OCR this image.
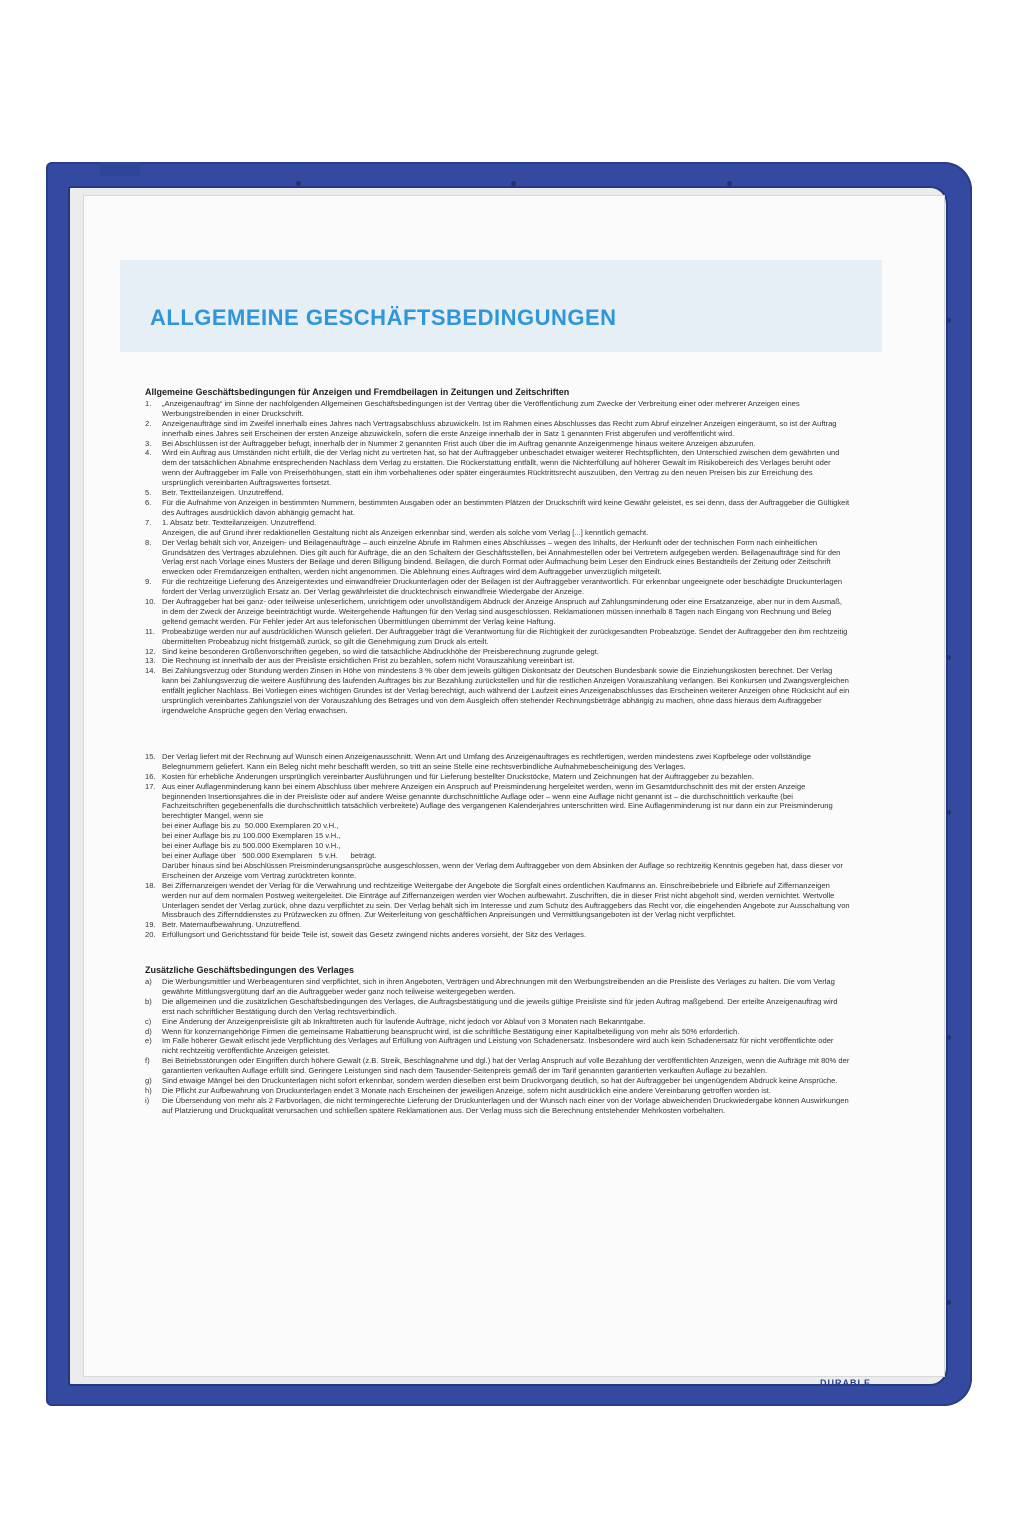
DURABLE
ALLGEMEINE GESCHÄFTSBEDINGUNGEN
Allgemeine Geschäftsbedingungen für Anzeigen und Fremdbeilagen in Zeitungen und Zeitschriften
1.	„Anzeigenauftrag“ im Sinne der nachfolgenden Allgemeinen Geschäftsbedingungen ist der Vertrag über die Veröffentlichung zum Zwecke der Verbreitung einer oder mehrerer Anzeigen eines Werbungstreibenden in einer Druckschrift.
2.	Anzeigenaufträge sind im Zweifel innerhalb eines Jahres nach Vertragsabschluss abzuwickeln. Ist im Rahmen eines Abschlusses das Recht zum Abruf einzelner Anzeigen eingeräumt, so ist der Auftrag innerhalb eines Jahres seit Erscheinen der ersten Anzeige abzuwickeln, sofern die erste Anzeige innerhalb der in Satz 1 genannten Frist abgerufen und veröffentlicht wird.
3.	Bei Abschlüssen ist der Auftraggeber befugt, innerhalb der in Nummer 2 genannten Frist auch über die im Auftrag genannte Anzeigenmenge hinaus weitere Anzeigen abzurufen.
4.	Wird ein Auftrag aus Umständen nicht erfüllt, die der Verlag nicht zu vertreten hat, so hat der Auftraggeber unbeschadet etwaiger weiterer Rechtspflichten, den Unterschied zwischen dem gewährten und dem der tatsächlichen Abnahme entsprechenden Nachlass dem Verlag zu erstatten. Die Rückerstattung entfällt, wenn die Nichterfüllung auf höherer Gewalt im Risikobereich des Verlages beruht oder wenn der Auftraggeber im Falle von Preiserhöhungen, statt ein ihm vorbehaltenes oder später eingeräumtes Rücktrittsrecht auszuüben, den Vertrag zu den neuen Preisen bis zur Erreichung des ursprünglich vereinbarten Auftragswertes fortsetzt.
5.	Betr. Textteilanzeigen. Unzutreffend.
6.	Für die Aufnahme von Anzeigen in bestimmten Nummern, bestimmten Ausgaben oder an bestimmten Plätzen der Druckschrift wird keine Gewähr geleistet, es sei denn, dass der Auftraggeber die Gültigkeit des Auftrages ausdrücklich davon abhängig gemacht hat.
7.	1. Absatz betr. Textteilanzeigen. Unzutreffend.
Anzeigen, die auf Grund ihrer redaktionellen Gestaltung nicht als Anzeigen erkennbar sind, werden als solche vom Verlag [...] kenntlich gemacht.
8.	Der Verlag behält sich vor, Anzeigen- und Beilagenaufträge – auch einzelne Abrufe im Rahmen eines Abschlusses – wegen des Inhalts, der Herkunft oder der technischen Form nach einheitlichen Grundsätzen des Vertrages abzulehnen. Dies gilt auch für Aufträge, die an den Schaltern der Geschäftsstellen, bei Annahmestellen oder bei Vertretern aufgegeben werden. Beilagenaufträge sind für den Verlag erst nach Vorlage eines Musters der Beilage und deren Billigung bindend. Beilagen, die durch Format oder Aufmachung beim Leser den Eindruck eines Bestandteils der Zeitung oder Zeitschrift erwecken oder Fremdanzeigen enthalten, werden nicht angenommen. Die Ablehnung eines Auftrages wird dem Auftraggeber unverzüglich mitgeteilt.
9.	Für die rechtzeitige Lieferung des Anzeigentextes und einwandfreier Druckunterlagen oder der Beilagen ist der Auftraggeber verantwortlich. Für erkennbar ungeeignete oder beschädigte Druckunterlagen fordert der Verlag unverzüglich Ersatz an. Der Verlag gewährleistet die drucktechnisch einwandfreie Wiedergabe der Anzeige.
10. Der Auftraggeber hat bei ganz- oder teilweise unleserlichem, unrichtigem oder unvollständigem Abdruck der Anzeige Anspruch auf Zahlungsminderung oder eine Ersatzanzeige, aber nur in dem Ausmaß, in dem der Zweck der Anzeige beeinträchtigt wurde. Weitergehende Haftungen für den Verlag sind ausgeschlossen. Reklamationen müssen innerhalb 8 Tagen nach Eingang von Rechnung und Beleg geltend gemacht werden. Für Fehler jeder Art aus telefonischen Übermittlungen übernimmt der Verlag keine Haftung.
11. Probeabzüge werden nur auf ausdrücklichen Wunsch geliefert. Der Auftraggeber trägt die Verantwortung für die Richtigkeit der zurückgesandten Probeabzüge. Sendet der Auftraggeber den ihm rechtzeitig übermittelten Probeabzug nicht fristgemäß zurück, so gilt die Genehmigung zum Druck als erteilt.
12. Sind keine besonderen Größenvorschriften gegeben, so wird die tatsächliche Abdruckhöhe der Preisberechnung zugrunde gelegt.
13. Die Rechnung ist innerhalb der aus der Preisliste ersichtlichen Frist zu bezahlen, sofern nicht Vorauszahlung vereinbart ist.
14. Bei Zahlungsverzug oder Stundung werden Zinsen in Höhe von mindestens 3 % über dem jeweils gültigen Diskontsatz der Deutschen Bundesbank sowie die Einziehungskosten berechnet. Der Verlag kann bei Zahlungsverzug die weitere Ausführung des laufenden Auftrages bis zur Bezahlung zurückstellen und für die restlichen Anzeigen Vorauszahlung verlangen. Bei Konkursen und Zwangsvergleichen entfällt jeglicher Nachlass. Bei Vorliegen eines wichtigen Grundes ist der Verlag berechtigt, auch während der Laufzeit eines Anzeigenabschlusses das Erscheinen weiterer Anzeigen ohne Rücksicht auf ein ursprünglich vereinbartes Zahlungsziel von der Vorauszahlung des Betrages und von dem Ausgleich offen stehender Rechnungsbeträge abhängig zu machen, ohne dass hieraus dem Auftraggeber irgendwelche Ansprüche gegen den Verlag erwachsen.
15. Der Verlag liefert mit der Rechnung auf Wunsch einen Anzeigenausschnitt. Wenn Art und Umfang des Anzeigenauftrages es rechtfertigen, werden mindestens zwei Kopfbelege oder vollständige Belegnummern geliefert. Kann ein Beleg nicht mehr beschafft werden, so tritt an seine Stelle eine rechtsverbindliche Aufnahmebescheinigung des Verlages.
16. Kosten für erhebliche Änderungen ursprünglich vereinbarter Ausführungen und für Lieferung bestellter Druckstöcke, Matern und Zeichnungen hat der Auftraggeber zu bezahlen.
17. Aus einer Auflagenminderung kann bei einem Abschluss über mehrere Anzeigen ein Anspruch auf Preisminderung hergeleitet werden, wenn im Gesamtdurchschnitt des mit der ersten Anzeige beginnenden Insertionsjahres die in der Preisliste oder auf andere Weise genannte durchschnittliche Auflage oder – wenn eine Auflage nicht genannt ist – die durchschnittlich verkaufte (bei Fachzeitschriften gegebenenfalls die durchschnittlich tatsächlich verbreitete) Auflage des vergangenen Kalenderjahres unterschritten wird. Eine Auflagenminderung ist nur dann ein zur Preisminderung berechtigter Mangel, wenn sie
bei einer Auflage bis zu  50.000 Exemplaren 20 v.H.,
bei einer Auflage bis zu 100.000 Exemplaren 15 v.H.,
bei einer Auflage bis zu 500.000 Exemplaren 10 v.H.,
bei einer Auflage über   500.000 Exemplaren   5 v.H.      beträgt.
Darüber hinaus sind bei Abschlüssen Preisminderungsansprüche ausgeschlossen, wenn der Verlag dem Auftraggeber von dem Absinken der Auflage so rechtzeitig Kenntnis gegeben hat, dass dieser vor Erscheinen der Anzeige vom Vertrag zurücktreten konnte.
18. Bei Ziffernanzeigen wendet der Verlag für die Verwahrung und rechtzeitige Weitergabe der Angebote die Sorgfalt eines ordentlichen Kaufmanns an. Einschreibebriefe und Eilbriefe auf Ziffernanzeigen werden nur auf dem normalen Postweg weitergeleitet. Die Einträge auf Ziffernanzeigen werden vier Wochen aufbewahrt. Zuschriften, die in dieser Frist nicht abgeholt sind, werden vernichtet. Wertvolle Unterlagen sendet der Verlag zurück, ohne dazu verpflichtet zu sein. Der Verlag behält sich im Interesse und zum Schutz des Auftraggebers das Recht vor, die eingehenden Angebote zur Ausschaltung von Missbrauch des Ziffernddienstes zu Prüfzwecken zu öffnen. Zur Weiterleitung von geschäftlichen Anpreisungen und Vermittlungsangeboten ist der Verlag nicht verpflichtet.
19. Betr. Maternaufbewahrung. Unzutreffend.
20. Erfüllungsort und Gerichtsstand für beide Teile ist, soweit das Gesetz zwingend nichts anderes vorsieht, der Sitz des Verlages.
Zusätzliche Geschäftsbedingungen des Verlages
a)	Die Werbungsmittler und Werbeagenturen sind verpflichtet, sich in ihren Angeboten, Verträgen und Abrechnungen mit den Werbungstreibenden an die Preisliste des Verlages zu halten. Die vom Verlag gewährte Mittlungsvergütung darf an die Auftraggeber weder ganz noch teilweise weitergegeben werden.
b)	Die allgemeinen und die zusätzlichen Geschäftsbedingungen des Verlages, die Auftragsbestätigung und die jeweils gültige Preisliste sind für jeden Auftrag maßgebend. Der erteilte Anzeigenauftrag wird erst nach schriftlicher Bestätigung durch den Verlag rechtsverbindlich.
c)	Eine Änderung der Anzeigenpreisliste gilt ab Inkrafttreten auch für laufende Aufträge, nicht jedoch vor Ablauf von 3 Monaten nach Bekanntgabe.
d)	Wenn für konzernangehörige Firmen die gemeinsame Rabattierung beansprucht wird, ist die schriftliche Bestätigung einer Kapitalbeteiligung von mehr als 50% erforderlich.
e)	Im Falle höherer Gewalt erlischt jede Verpflichtung des Verlages auf Erfüllung von Aufträgen und Leistung von Schadenersatz. Insbesondere wird auch kein Schadenersatz für nicht veröffentlichte oder nicht rechtzeitig veröffentlichte Anzeigen geleistet.
f)	Bei Betriebsstörungen oder Eingriffen durch höhere Gewalt (z.B. Streik, Beschlagnahme und dgl.) hat der Verlag Anspruch auf volle Bezahlung der veröffentlichten Anzeigen, wenn die Aufträge mit 80% der garantierten verkauften Auflage erfüllt sind. Geringere Leistungen sind nach dem Tausender-Seitenpreis gemäß der im Tarif genannten garantierten verkauften Auflage zu bezahlen.
g)	Sind etwaige Mängel bei den Druckunterlagen nicht sofort erkennbar, sondern werden dieselben erst beim Druckvorgang deutlich, so hat der Auftraggeber bei ungenügendem Abdruck keine Ansprüche.
h)	Die Pflicht zur Aufbewahrung von Druckunterlagen endet 3 Monate nach Erscheinen der jeweiligen Anzeige, sofern nicht ausdrücklich eine andere Vereinbarung getroffen worden ist.
i)	Die Übersendung von mehr als 2 Farbvorlagen, die nicht termingerechte Lieferung der Druckunterlagen und der Wunsch nach einer von der Vorlage abweichenden Druckwiedergabe können Auswirkungen auf Platzierung und Druckqualität verursachen und schließen spätere Reklamationen aus. Der Verlag muss sich die Berechnung entstehender Mehrkosten vorbehalten.
